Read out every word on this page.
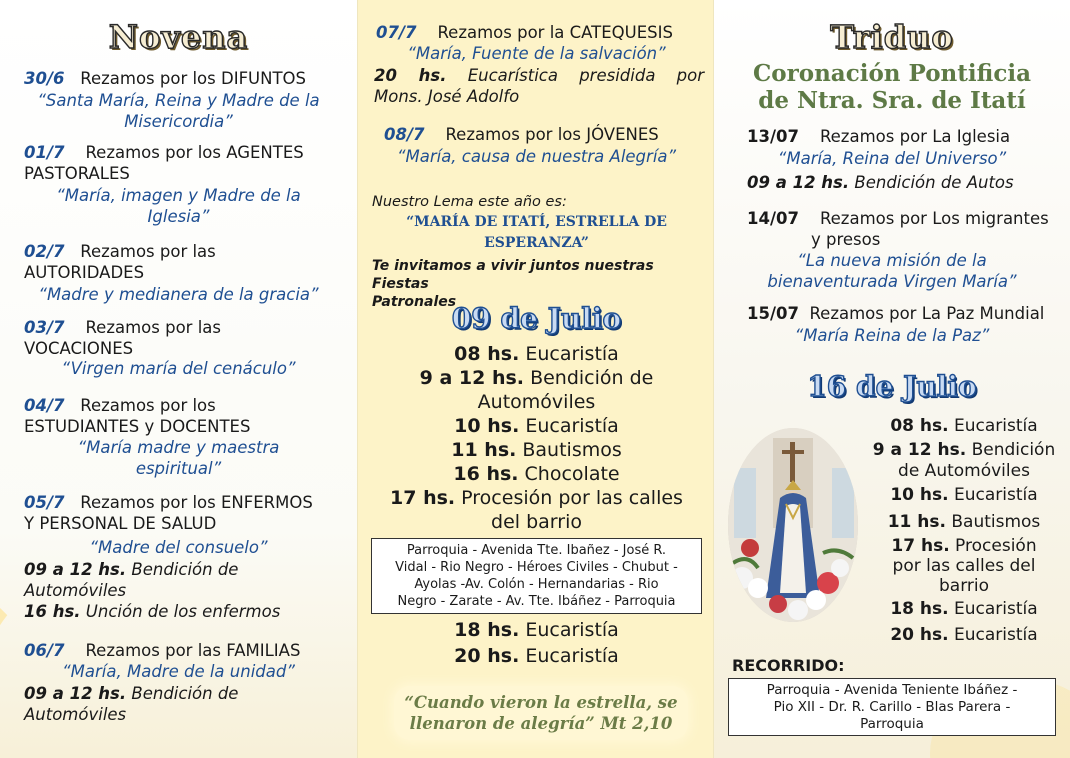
Novena
30/6 Rezamos por los DIFUNTOS
“Santa María, Reina y Madre de la
Misericordia”
01/7 Rezamos por los AGENTES
PASTORALES
“María, imagen y Madre de la
Iglesia”
02/7 Rezamos por las
AUTORIDADES
“Madre y medianera de la gracia”
03/7 Rezamos por las
VOCACIONES
“Virgen maría del cenáculo”
04/7 Rezamos por los
ESTUDIANTES y DOCENTES
“María madre y maestra
espiritual”
05/7 Rezamos por los ENFERMOS
Y PERSONAL DE SALUD
“Madre del consuelo”
09 a 12 hs. Bendición de
Automóviles
16 hs. Unción de los enfermos
06/7 Rezamos por las FAMILIAS
“María, Madre de la unidad”
09 a 12 hs. Bendición de
Automóviles
07/7 Rezamos por la CATEQUESIS
“María, Fuente de la salvación”
20 hs. Eucarística presidida por
Mons. José Adolfo
08/7 Rezamos por los JÓVENES
“María, causa de nuestra Alegría”
Nuestro Lema este año es:
“MARÍA DE ITATÍ, ESTRELLA DE
ESPERANZA”
Te invitamos a vivir juntos nuestras Fiestas
Patronales
09 de Julio
08 hs. Eucaristía
9 a 12 hs. Bendición de
Automóviles
10 hs. Eucaristía
11 hs. Bautismos
16 hs. Chocolate
17 hs. Procesión por las calles
del barrio
Parroquia - Avenida Tte. Ibañez - José R.
Vidal - Rio Negro - Héroes Civiles - Chubut -
Ayolas -Av. Colón - Hernandarias - Rio
Negro - Zarate - Av. Tte. Ibáñez - Parroquia
18 hs. Eucaristía
20 hs. Eucaristía
“Cuando vieron la estrella, se
llenaron de alegría” Mt 2,10
Triduo
Coronación Pontificia
de Ntra. Sra. de Itatí
13/07 Rezamos por La Iglesia
“María, Reina del Universo”
09 a 12 hs. Bendición de Autos
14/07 Rezamos por Los migrantes
y presos
“La nueva misión de la
bienaventurada Virgen María”
15/07 Rezamos por La Paz Mundial
“María Reina de la Paz”
16 de Julio
08 hs. Eucaristía
9 a 12 hs. Bendición
de Automóviles
10 hs. Eucaristía
11 hs. Bautismos
17 hs. Procesión
por las calles del
barrio
18 hs. Eucaristía
20 hs. Eucaristía
RECORRIDO:
Parroquia - Avenida Teniente Ibáñez -
Pio XII - Dr. R. Carillo - Blas Parera -
Parroquia
